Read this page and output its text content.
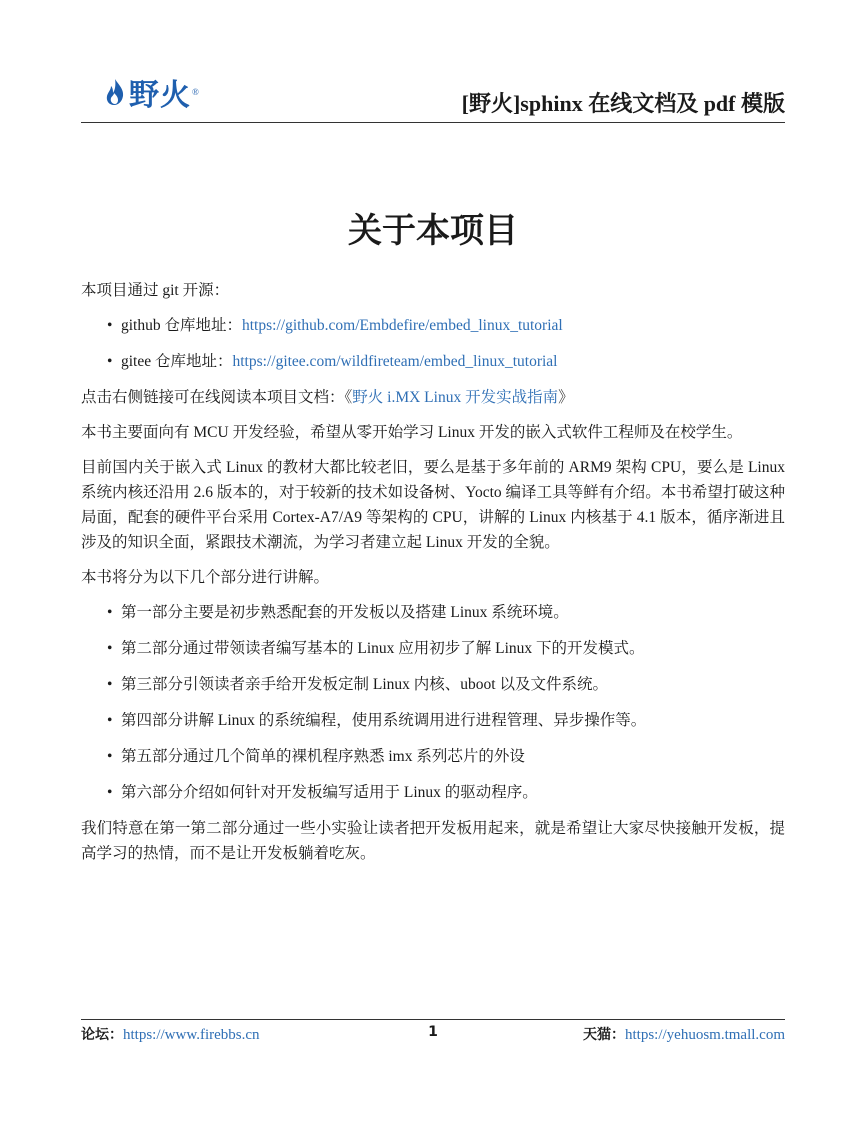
野火 ®	[野火]sphinx 在线文档及 pdf 模版
关于本项目

本项目通过 git 开源：

• github 仓库地址：https://github.com/Embdefire/embed_linux_tutorial
• gitee 仓库地址：https://gitee.com/wildfireteam/embed_linux_tutorial

点击右侧链接可在线阅读本项目文档：《野火 i.MX Linux 开发实战指南》

本书主要面向有 MCU 开发经验，希望从零开始学习 Linux 开发的嵌入式软件工程师及在校学生。

目前国内关于嵌入式 Linux 的教材大都比较老旧，要么是基于多年前的 ARM9 架构 CPU，要么是 Linux 系统内核还沿用 2.6 版本的，对于较新的技术如设备树、Yocto 编译工具等鲜有介绍。本书希望打破这种局面，配套的硬件平台采用 Cortex-A7/A9 等架构的 CPU，讲解的 Linux 内核基于 4.1 版本，循序渐进且涉及的知识全面，紧跟技术潮流，为学习者建立起 Linux 开发的全貌。

本书将分为以下几个部分进行讲解。

• 第一部分主要是初步熟悉配套的开发板以及搭建 Linux 系统环境。
• 第二部分通过带领读者编写基本的 Linux 应用初步了解 Linux 下的开发模式。
• 第三部分引领读者亲手给开发板定制 Linux 内核、uboot 以及文件系统。
• 第四部分讲解 Linux 的系统编程，使用系统调用进行进程管理、异步操作等。
• 第五部分通过几个简单的裸机程序熟悉 imx 系列芯片的外设
• 第六部分介绍如何针对开发板编写适用于 Linux 的驱动程序。

我们特意在第一第二部分通过一些小实验让读者把开发板用起来，就是希望让大家尽快接触开发板，提高学习的热情，而不是让开发板躺着吃灰。

论坛：https://www.firebbs.cn	1	天猫：https://yehuosm.tmall.com
